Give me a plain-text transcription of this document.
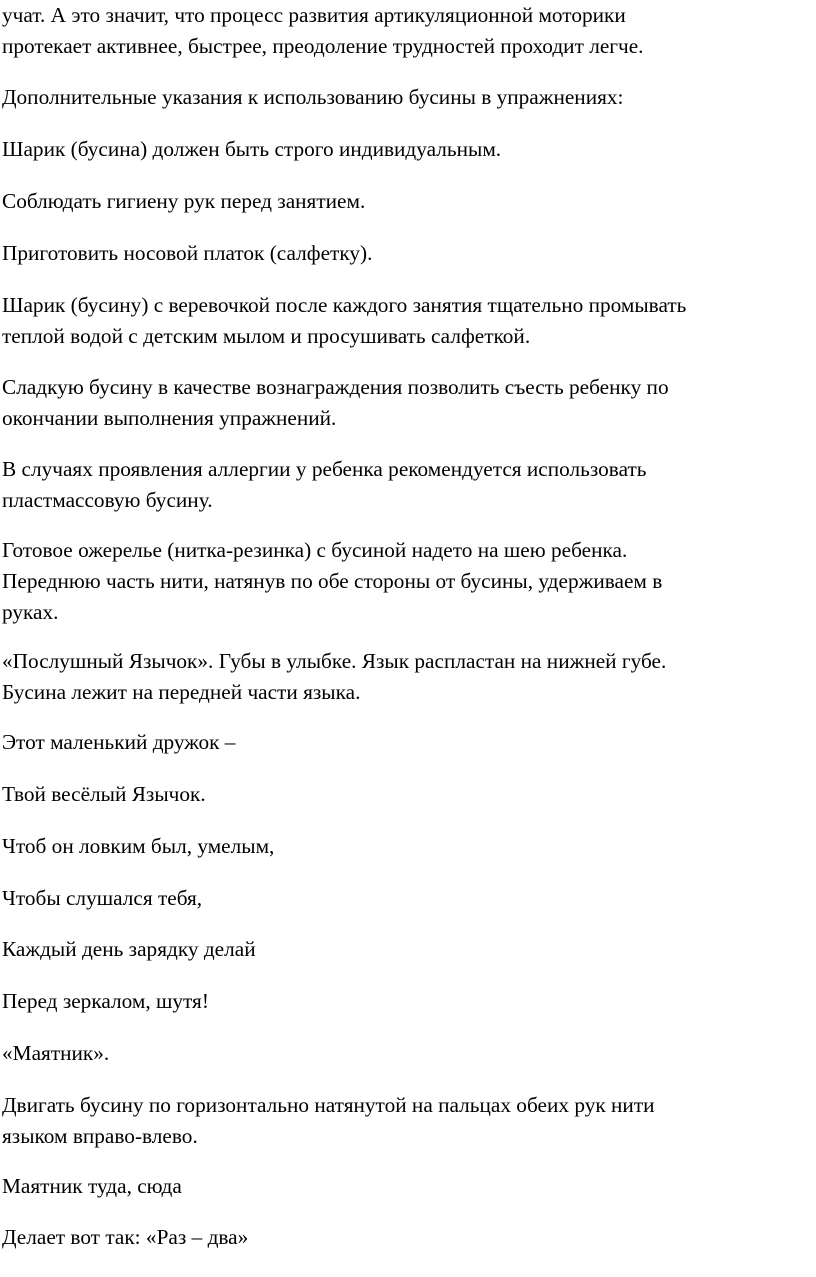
учат. А это значит, что процесс развития артикуляционной моторики
протекает активнее, быстрее, преодоление трудностей проходит легче.

Дополнительные указания к использованию бусины в упражнениях:

Шарик (бусина) должен быть строго индивидуальным.

Соблюдать гигиену рук перед занятием.

Приготовить носовой платок (салфетку).

Шарик (бусину) с веревочкой после каждого занятия тщательно промывать
теплой водой с детским мылом и просушивать салфеткой.

Сладкую бусину в качестве вознаграждения позволить съесть ребенку по
окончании выполнения упражнений.

В случаях проявления аллергии у ребенка рекомендуется использовать
пластмассовую бусину.

Готовое ожерелье (нитка-резинка) с бусиной надето на шею ребенка.
Переднюю часть нити, натянув по обе стороны от бусины, удерживаем в
руках.

«Послушный Язычок». Губы в улыбке. Язык распластан на нижней губе.
Бусина лежит на передней части языка.

Этот маленький дружок –

Твой весёлый Язычок.

Чтоб он ловким был, умелым,

Чтобы слушался тебя,

Каждый день зарядку делай

Перед зеркалом, шутя!

«Маятник».

Двигать бусину по горизонтально натянутой на пальцах обеих рук нити
языком вправо-влево.

Маятник туда, сюда

Делает вот так: «Раз – два»
